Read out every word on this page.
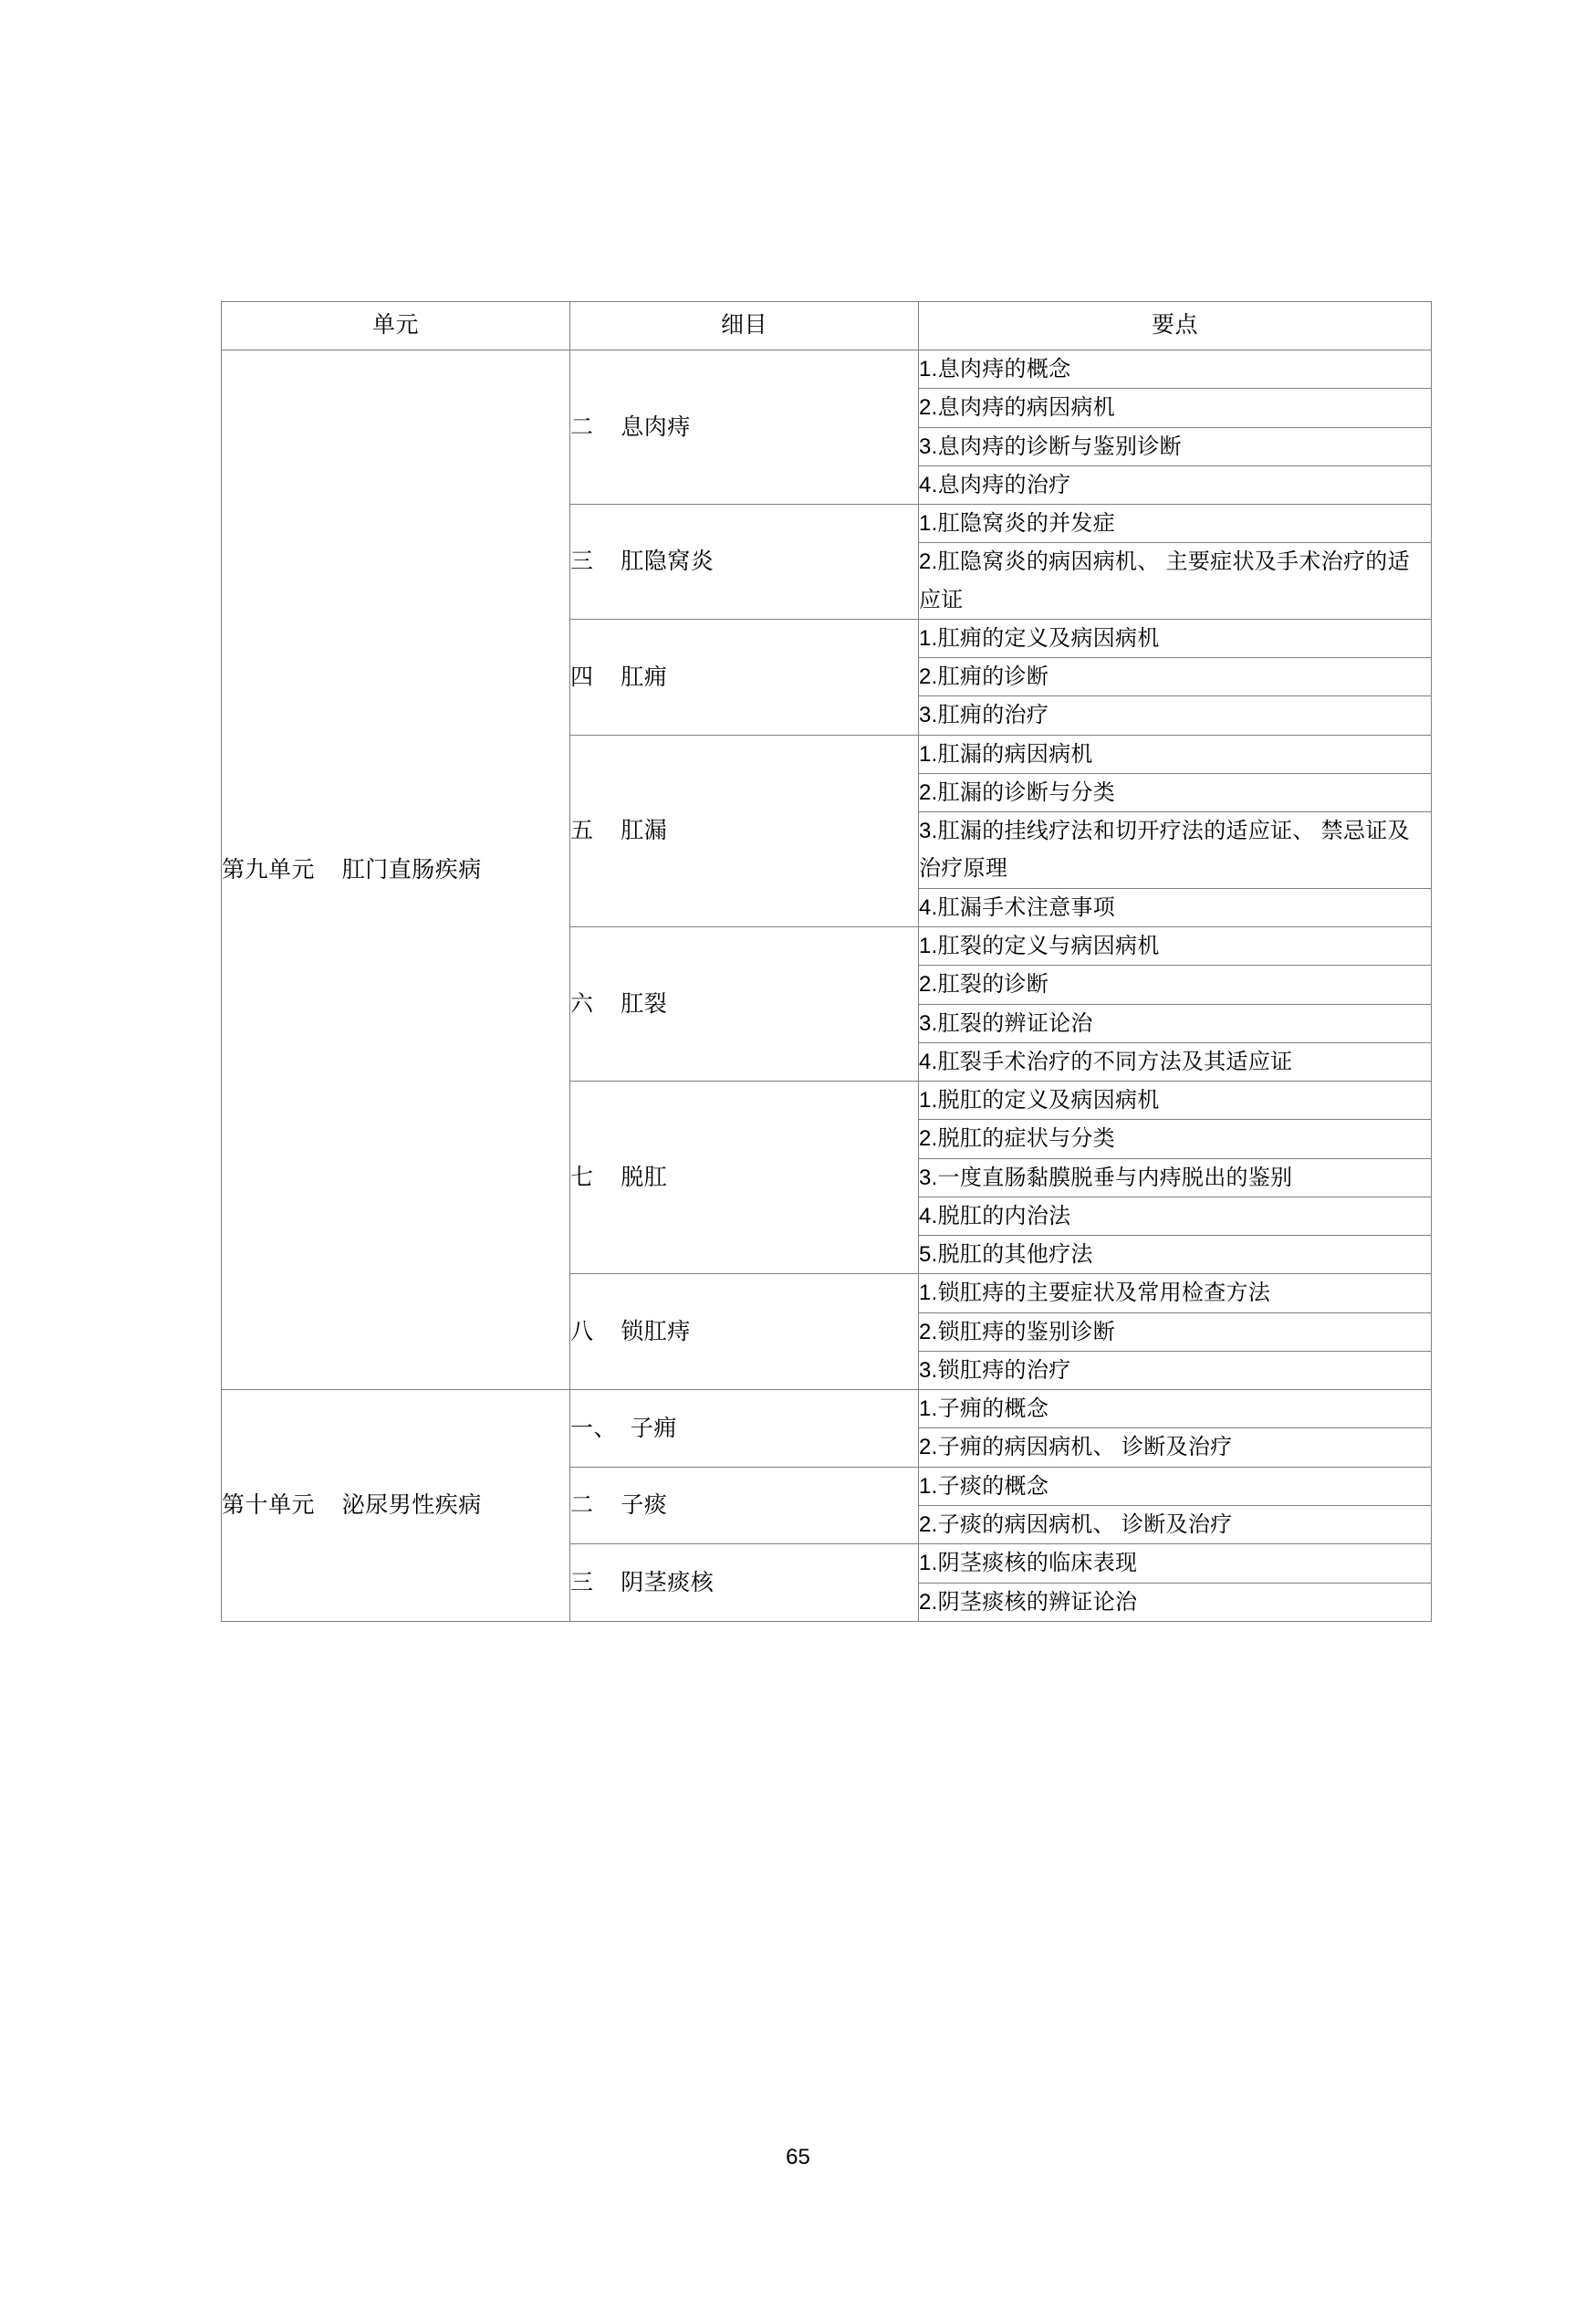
单元	细目	要点
第九单元    肛门直肠疾病	二    息肉痔	1.息肉痔的概念
		2.息肉痔的病因病机
		3.息肉痔的诊断与鉴别诊断
		4.息肉痔的治疗
	三    肛隐窝炎	1.肛隐窝炎的并发症
		2.肛隐窝炎的病因病机、 主要症状及手术治疗的适应证
	四    肛痈	1.肛痈的定义及病因病机
		2.肛痈的诊断
		3.肛痈的治疗
	五    肛漏	1.肛漏的病因病机
		2.肛漏的诊断与分类
		3.肛漏的挂线疗法和切开疗法的适应证、 禁忌证及治疗原理
		4.肛漏手术注意事项
	六    肛裂	1.肛裂的定义与病因病机
		2.肛裂的诊断
		3.肛裂的辨证论治
		4.肛裂手术治疗的不同方法及其适应证
	七    脱肛	1.脱肛的定义及病因病机
		2.脱肛的症状与分类
		3.一度直肠黏膜脱垂与内痔脱出的鉴别
		4.脱肛的内治法
		5.脱肛的其他疗法
	八    锁肛痔	1.锁肛痔的主要症状及常用检查方法
		2.锁肛痔的鉴别诊断
		3.锁肛痔的治疗
第十单元    泌尿男性疾病	一、  子痈	1.子痈的概念
		2.子痈的病因病机、 诊断及治疗
	二    子痰	1.子痰的概念
		2.子痰的病因病机、 诊断及治疗
	三    阴茎痰核	1.阴茎痰核的临床表现
		2.阴茎痰核的辨证论治
65
